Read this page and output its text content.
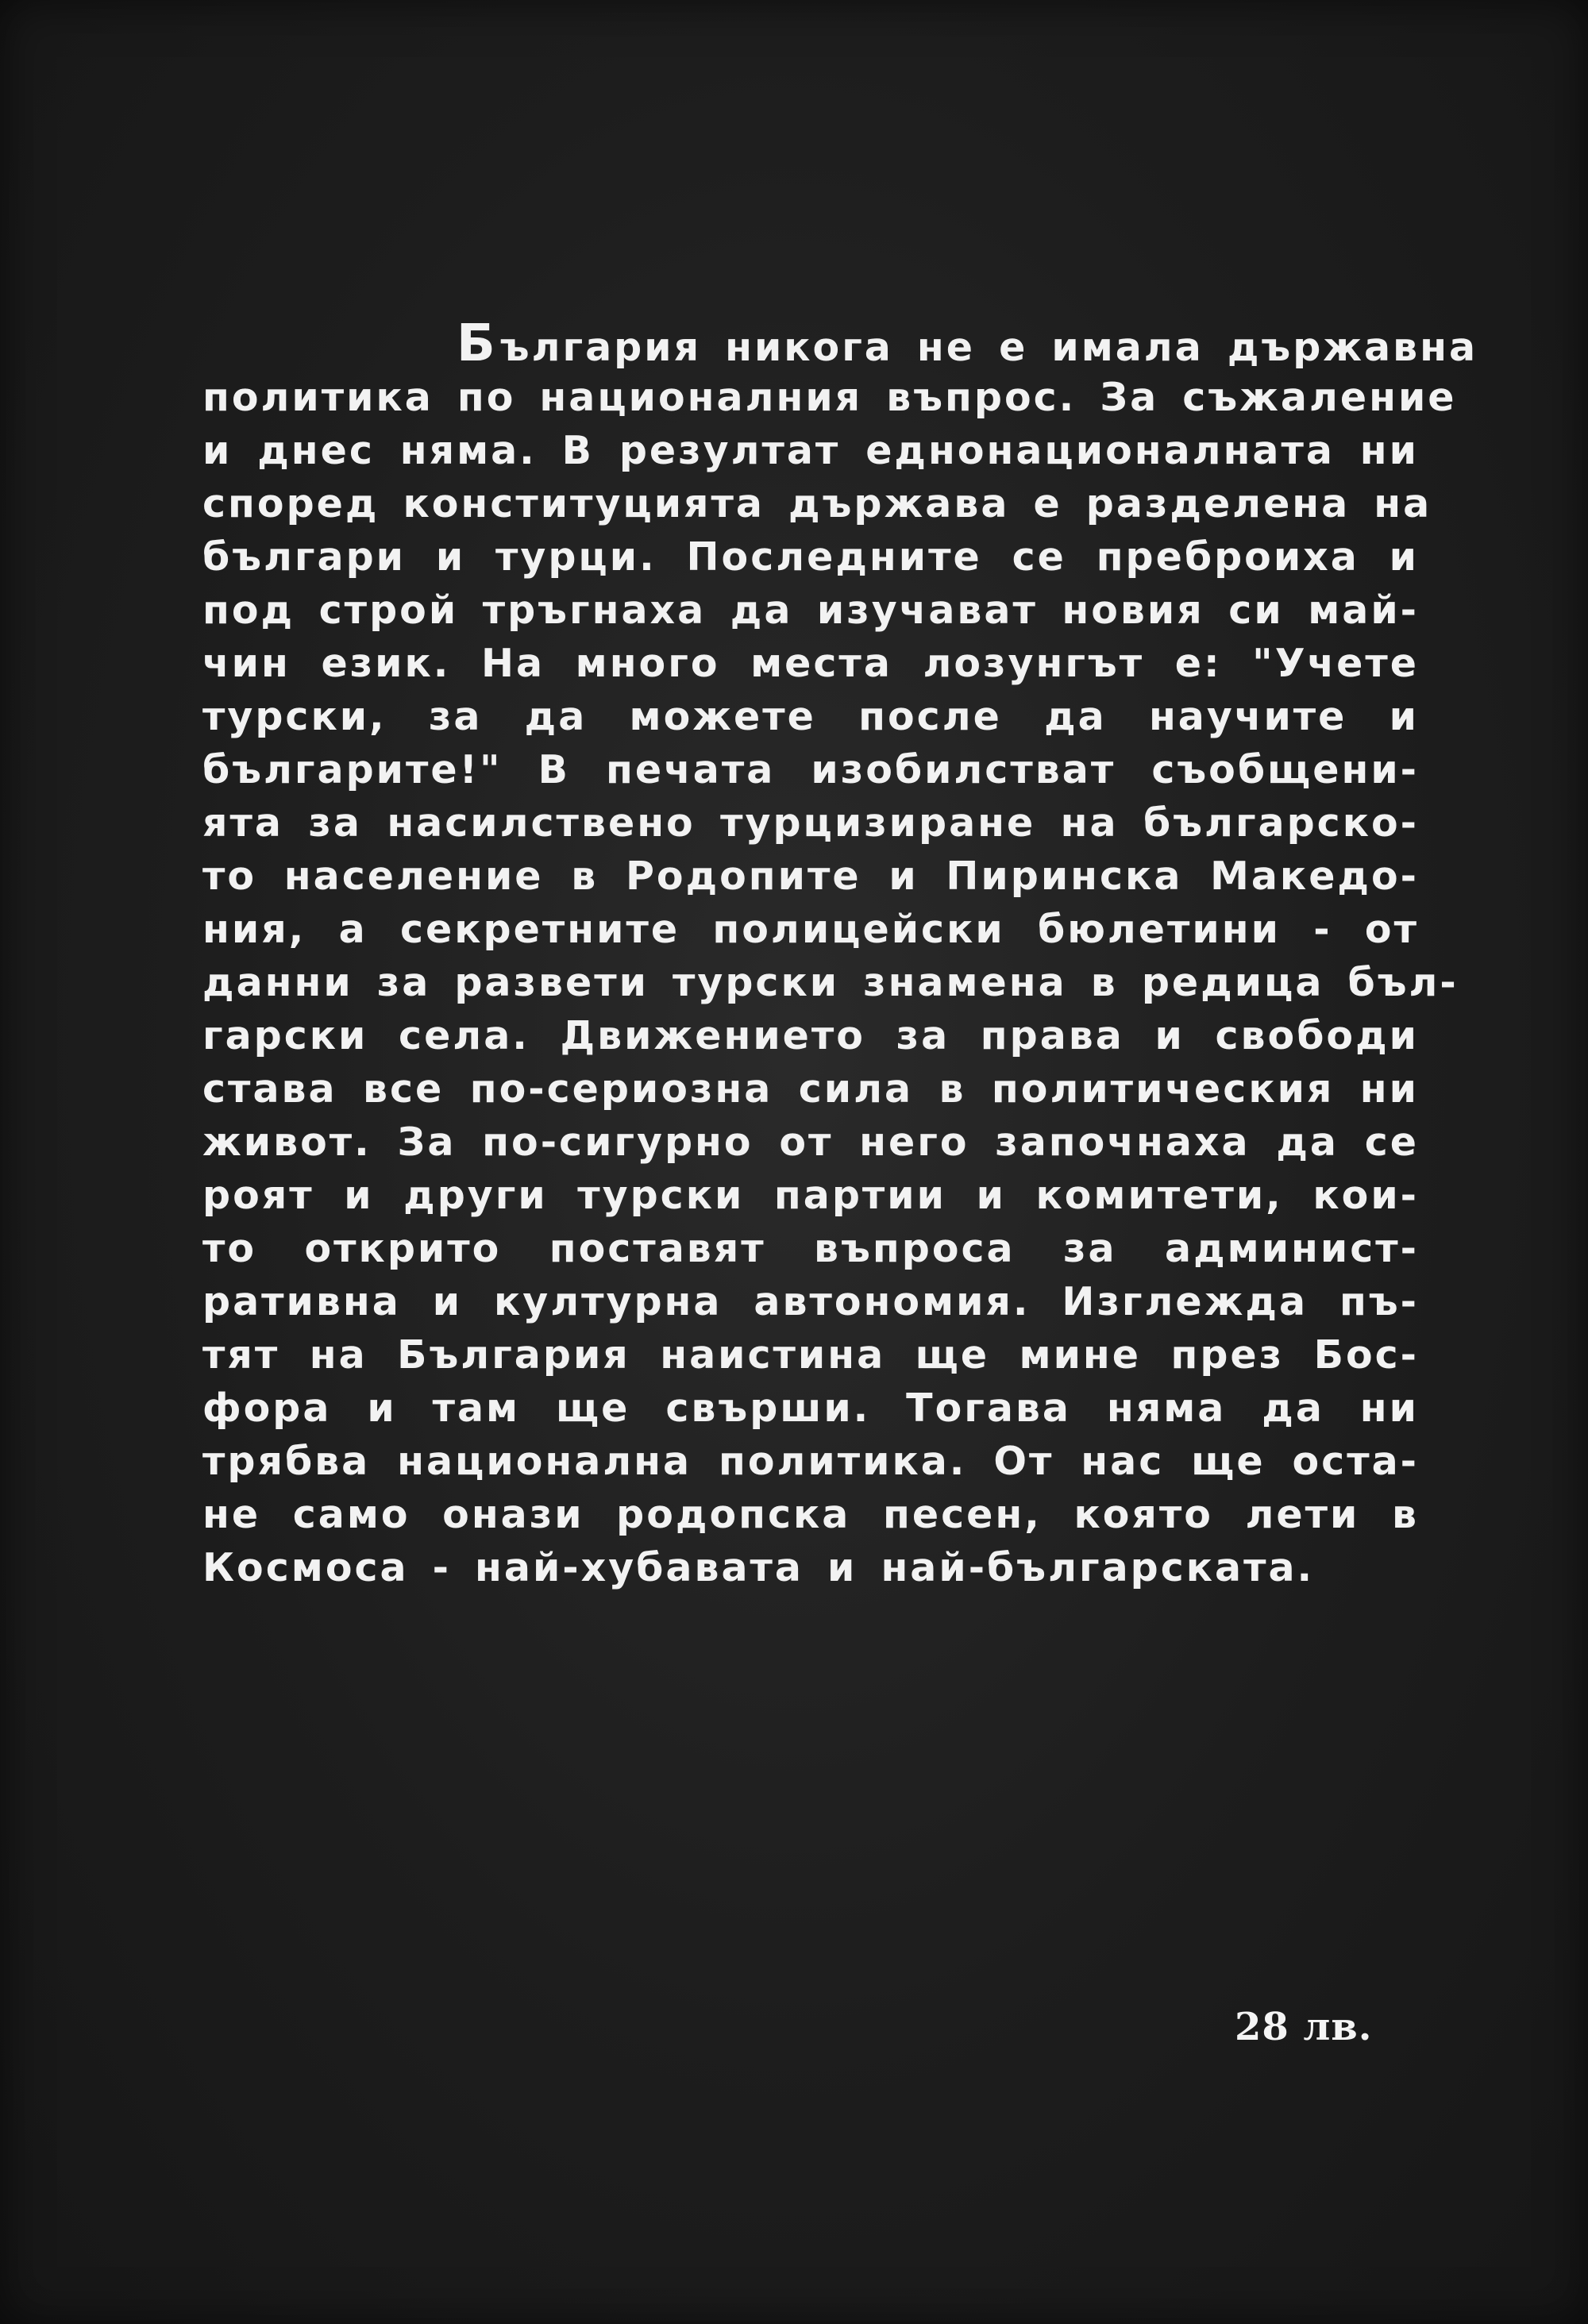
България никога не е имала държавна
политика по националния въпрос. За съжаление
и днес няма. В резултат еднонационалната ни
според конституцията държава е разделена на
българи и турци. Последните се преброиха и
под строй тръгнаха да изучават новия си май-
чин език. На много места лозунгът е: "Учете
турски, за да можете после да научите и
българите!" В печата изобилстват съобщени-
ята за насилствено турцизиране на българско-
то население в Родопите и Пиринска Македо-
ния, а секретните полицейски бюлетини - от
данни за развети турски знамена в редица бъл-
гарски села. Движението за права и свободи
става все по-сериозна сила в политическия ни
живот. За по-сигурно от него започнаха да се
роят и други турски партии и комитети, кои-
то открито поставят въпроса за админист-
ративна и културна автономия. Изглежда пъ-
тят на България наистина ще мине през Бос-
фора и там ще свърши. Тогава няма да ни
трябва национална политика. От нас ще оста-
не само онази родопска песен, която лети в
Космоса - най-хубавата и най-българската.
28 лв.
